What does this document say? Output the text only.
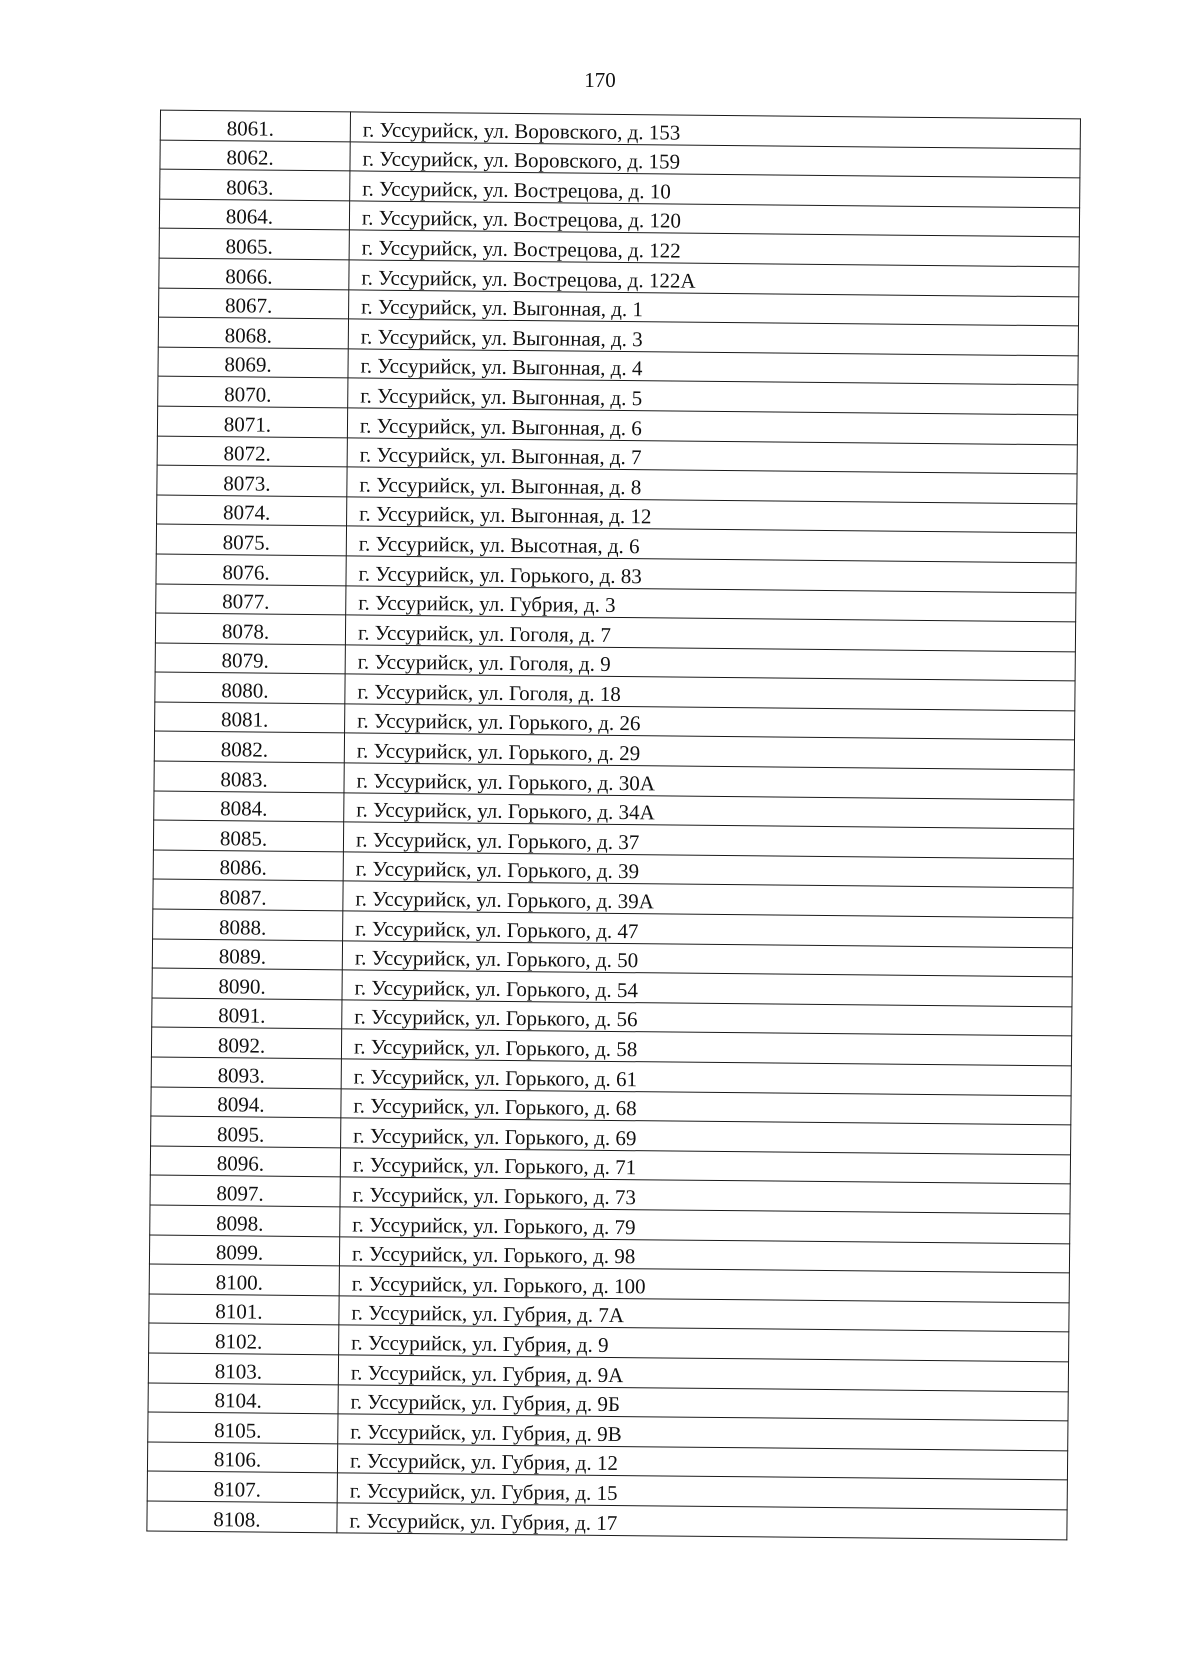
170
8061.	г. Уссурийск, ул. Воровского, д. 153
8062.	г. Уссурийск, ул. Воровского, д. 159
8063.	г. Уссурийск, ул. Вострецова, д. 10
8064.	г. Уссурийск, ул. Вострецова, д. 120
8065.	г. Уссурийск, ул. Вострецова, д. 122
8066.	г. Уссурийск, ул. Вострецова, д. 122А
8067.	г. Уссурийск, ул. Выгонная, д. 1
8068.	г. Уссурийск, ул. Выгонная, д. 3
8069.	г. Уссурийск, ул. Выгонная, д. 4
8070.	г. Уссурийск, ул. Выгонная, д. 5
8071.	г. Уссурийск, ул. Выгонная, д. 6
8072.	г. Уссурийск, ул. Выгонная, д. 7
8073.	г. Уссурийск, ул. Выгонная, д. 8
8074.	г. Уссурийск, ул. Выгонная, д. 12
8075.	г. Уссурийск, ул. Высотная, д. 6
8076.	г. Уссурийск, ул. Горького, д. 83
8077.	г. Уссурийск, ул. Губрия, д. 3
8078.	г. Уссурийск, ул. Гоголя, д. 7
8079.	г. Уссурийск, ул. Гоголя, д. 9
8080.	г. Уссурийск, ул. Гоголя, д. 18
8081.	г. Уссурийск, ул. Горького, д. 26
8082.	г. Уссурийск, ул. Горького, д. 29
8083.	г. Уссурийск, ул. Горького, д. 30А
8084.	г. Уссурийск, ул. Горького, д. 34А
8085.	г. Уссурийск, ул. Горького, д. 37
8086.	г. Уссурийск, ул. Горького, д. 39
8087.	г. Уссурийск, ул. Горького, д. 39А
8088.	г. Уссурийск, ул. Горького, д. 47
8089.	г. Уссурийск, ул. Горького, д. 50
8090.	г. Уссурийск, ул. Горького, д. 54
8091.	г. Уссурийск, ул. Горького, д. 56
8092.	г. Уссурийск, ул. Горького, д. 58
8093.	г. Уссурийск, ул. Горького, д. 61
8094.	г. Уссурийск, ул. Горького, д. 68
8095.	г. Уссурийск, ул. Горького, д. 69
8096.	г. Уссурийск, ул. Горького, д. 71
8097.	г. Уссурийск, ул. Горького, д. 73
8098.	г. Уссурийск, ул. Горького, д. 79
8099.	г. Уссурийск, ул. Горького, д. 98
8100.	г. Уссурийск, ул. Горького, д. 100
8101.	г. Уссурийск, ул. Губрия, д. 7А
8102.	г. Уссурийск, ул. Губрия, д. 9
8103.	г. Уссурийск, ул. Губрия, д. 9А
8104.	г. Уссурийск, ул. Губрия, д. 9Б
8105.	г. Уссурийск, ул. Губрия, д. 9В
8106.	г. Уссурийск, ул. Губрия, д. 12
8107.	г. Уссурийск, ул. Губрия, д. 15
8108.	г. Уссурийск, ул. Губрия, д. 17
